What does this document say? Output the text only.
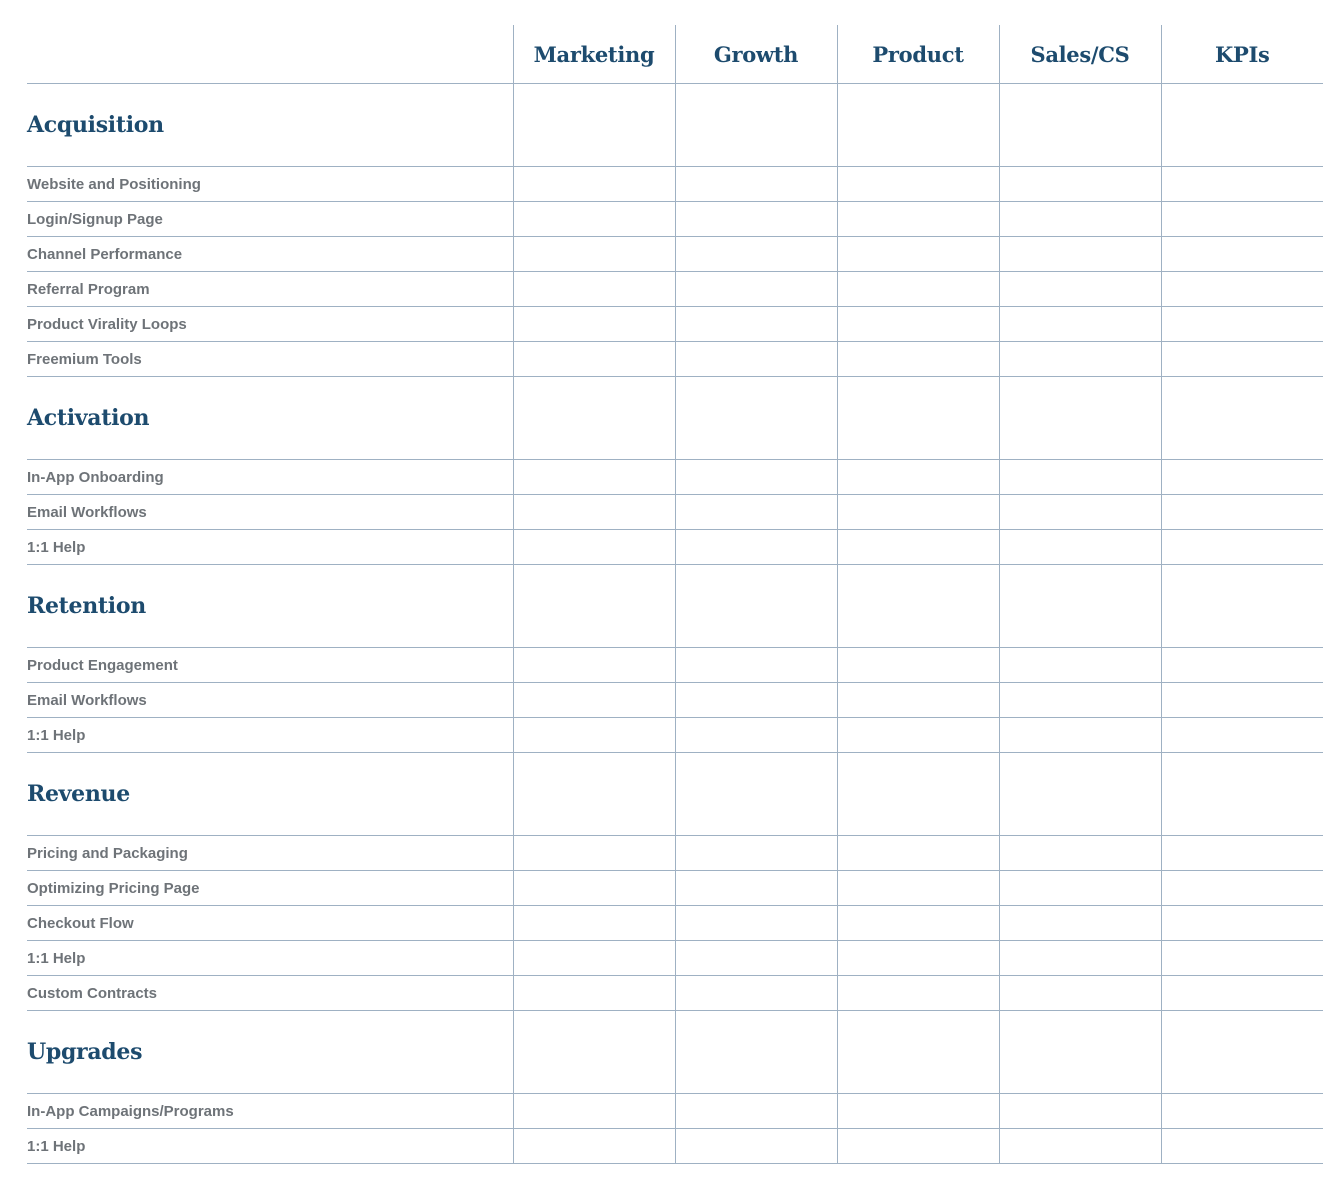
	Marketing	Growth	Product	Sales/CS	KPIs
Acquisition					
Website and Positioning					
Login/Signup Page					
Channel Performance					
Referral Program					
Product Virality Loops					
Freemium Tools					
Activation					
In-App Onboarding					
Email Workflows					
1:1 Help					
Retention					
Product Engagement					
Email Workflows					
1:1 Help					
Revenue					
Pricing and Packaging					
Optimizing Pricing Page					
Checkout Flow					
1:1 Help					
Custom Contracts					
Upgrades					
In-App Campaigns/Programs					
1:1 Help					
